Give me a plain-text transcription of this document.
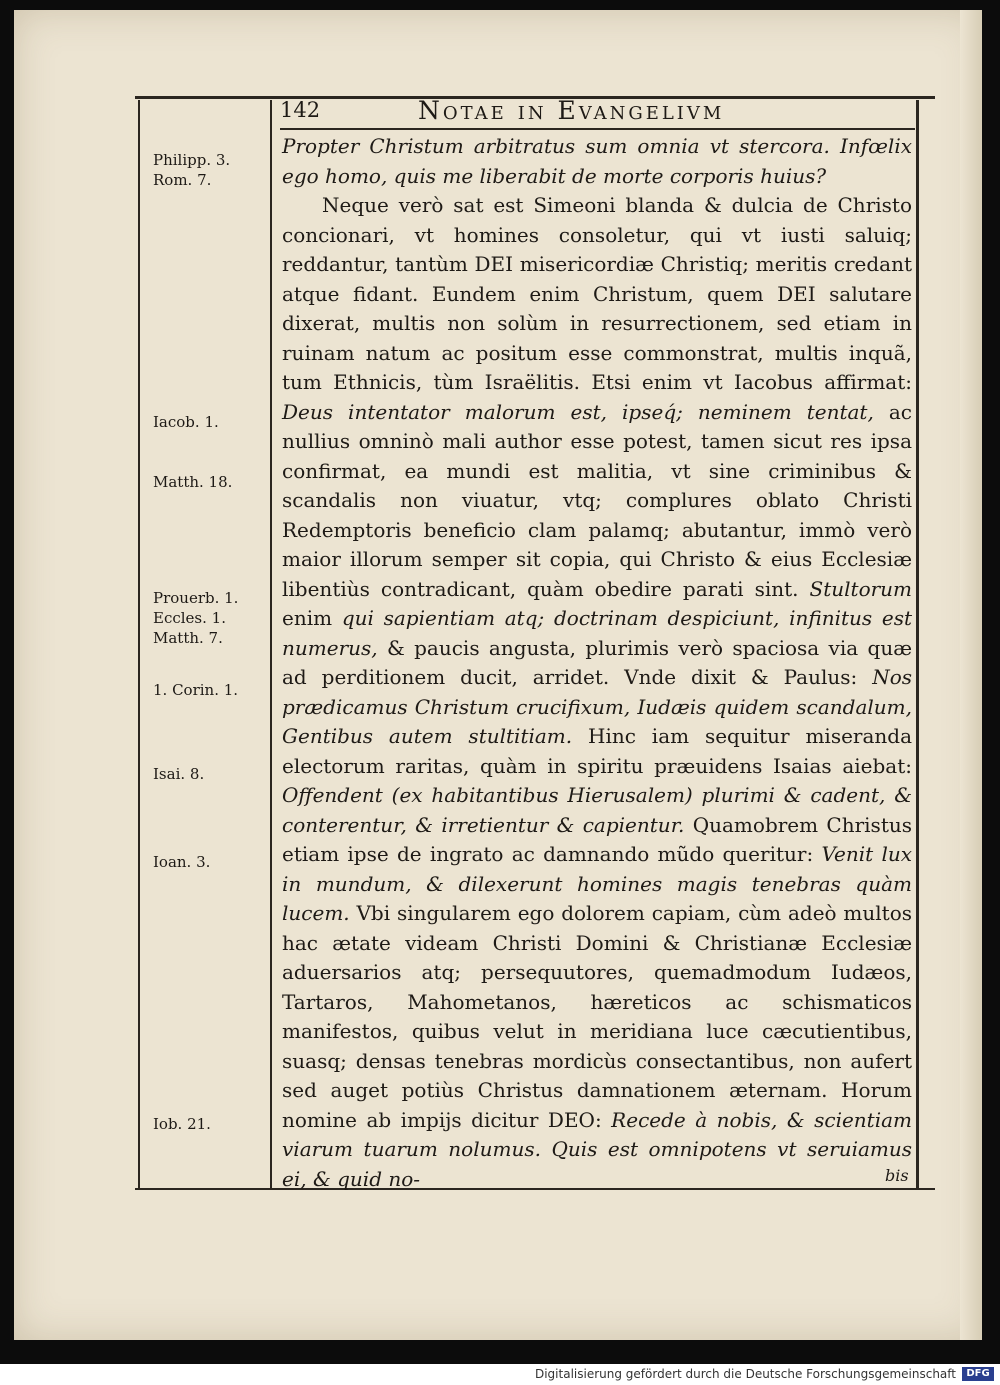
142	Notae in Evangelivm
Philipp. 3.
Rom. 7.
Iacob. 1.
Matth. 18.
Prouerb. 1.
Eccles. 1.
Matth. 7.
1. Corin. 1.
Isai. 8.
Ioan. 3.
Iob. 21.

Propter Christum arbitratus sum omnia vt stercora. Infœlix ego homo, quis me liberabit de morte corporis huius?

Neque verò sat est Simeoni blanda & dulcia de Christo concionari, vt homines consoletur, qui vt iusti saluiq; reddantur, tantùm DEI misericordiæ Christiq; meritis credant atque fidant. Eundem enim Christum, quem DEI salutare dixerat, multis non solùm in resurrectionem, sed etiam in ruinam natum ac positum esse commonstrat, multis inquã, tum Ethnicis, tùm Israëlitis. Etsi enim vt Iacobus affirmat: Deus intentator malorum est, ipseq́; neminem tentat, ac nullius omninò mali author esse potest, tamen sicut res ipsa confirmat, ea mundi est malitia, vt sine criminibus & scandalis non viuatur, vtq; complures oblato Christi Redemptoris beneficio clam palamq; abutantur, immò verò maior illorum semper sit copia, qui Christo & eius Ecclesiæ libentiùs contradicant, quàm obedire parati sint. Stultorum enim qui sapientiam atq; doctrinam despiciunt, infinitus est numerus, & paucis angusta, plurimis verò spaciosa via quæ ad perditionem ducit, arridet. Vnde dixit & Paulus: Nos prædicamus Christum crucifixum, Iudæis quidem scandalum, Gentibus autem stultitiam. Hinc iam sequitur miseranda electorum raritas, quàm in spiritu præuidens Isaias aiebat: Offendent (ex habitantibus Hierusalem) plurimi & cadent, & conterentur, & irretientur & capientur. Quamobrem Christus etiam ipse de ingrato ac damnando mũdo queritur: Venit lux in mundum, & dilexerunt homines magis tenebras quàm lucem. Vbi singularem ego dolorem capiam, cùm adeò multos hac ætate videam Christi Domini & Christianæ Ecclesiæ aduersarios atq; persequutores, quemadmodum Iudæos, Tartaros, Mahometanos, hæreticos ac schismaticos manifestos, quibus velut in meridiana luce cæcutientibus, suasq; densas tenebras mordicùs consectantibus, non aufert sed auget potiùs Christus damnationem æternam. Horum nomine ab impijs dicitur DEO: Recede à nobis, & scientiam viarum tuarum nolumus. Quis est omnipotens vt seruiamus ei, & quid no-	bis
Digitalisierung gefördert durch die Deutsche Forschungsgemeinschaft	DFG
